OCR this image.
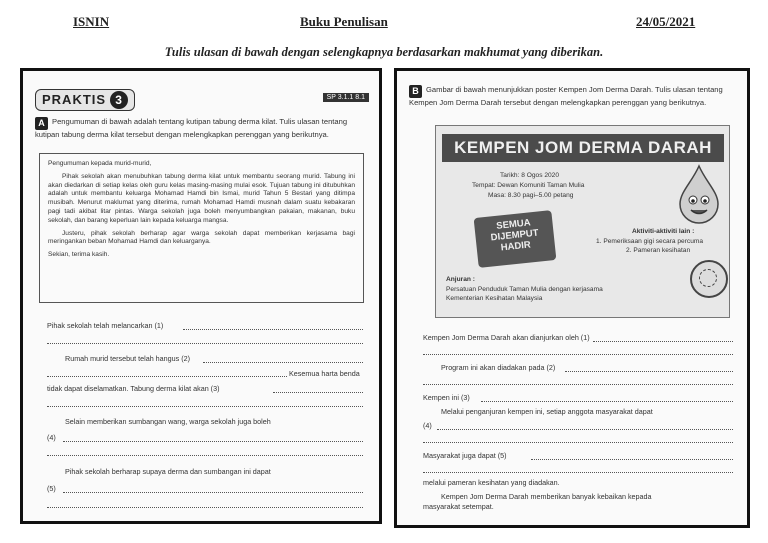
ISNIN	Buku Penulisan	24/05/2021
Tulis ulasan di bawah dengan selengkapnya berdasarkan makhumat yang diberikan.
PRAKTIS 3	SP 3.1.1 8.1
A Pengumuman di bawah adalah tentang kutipan tabung derma kilat. Tulis ulasan tentang kutipan tabung derma kilat tersebut dengan melengkapkan perenggan yang berikutnya.

Pengumuman kepada murid-murid,

Pihak sekolah akan menubuhkan tabung derma kilat untuk membantu seorang murid. Tabung ini akan diedarkan di setiap kelas oleh guru kelas masing-masing mulai esok. Tujuan tabung ini ditubuhkan adalah untuk membantu keluarga Mohamad Hamdi bin Ismai, murid Tahun 5 Bestari yang ditimpa musibah. Menurut maklumat yang diterima, rumah Mohamad Hamdi musnah dalam suatu kebakaran pagi tadi akibat litar pintas. Warga sekolah juga boleh menyumbangkan pakaian, makanan, buku sekolah, dan barang keperluan lain kepada keluarga mangsa.

Justeru, pihak sekolah berharap agar warga sekolah dapat memberikan kerjasama bagi meringankan beban Mohamad Hamdi dan keluarganya.

Sekian, terima kasih.

Pihak sekolah telah melancarkan (1)
Rumah murid tersebut telah hangus (2)
Kesemua harta benda
tidak dapat diselamatkan. Tabung derma kilat akan (3)
Selain memberikan sumbangan wang, warga sekolah juga boleh
(4)
Pihak sekolah berharap supaya derma dan sumbangan ini dapat
(5)
B Gambar di bawah menunjukkan poster Kempen Jom Derma Darah. Tulis ulasan tentang Kempen Jom Derma Darah tersebut dengan melengkapkan perenggan yang berikutnya.
KEMPEN JOM DERMA DARAH
Tarikh: 8 Ogos 2020
Tempat: Dewan Komuniti Taman Mulia
Masa: 8.30 pagi–5.00 petang
SEMUA DIJEMPUT HADIR
Aktiviti-aktiviti lain :
1. Pemeriksaan gigi secara percuma
2. Pameran kesihatan
Anjuran :
Persatuan Penduduk Taman Mulia dengan kerjasama
Kementerian Kesihatan Malaysia
Kempen Jom Derma Darah akan dianjurkan oleh (1)
Program ini akan diadakan pada (2)
Kempen ini (3)
Melalui penganjuran kempen ini, setiap anggota masyarakat dapat
(4)
Masyarakat juga dapat (5)
melalui pameran kesihatan yang diadakan.
Kempen Jom Derma Darah memberikan banyak kebaikan kepada
masyarakat setempat.
